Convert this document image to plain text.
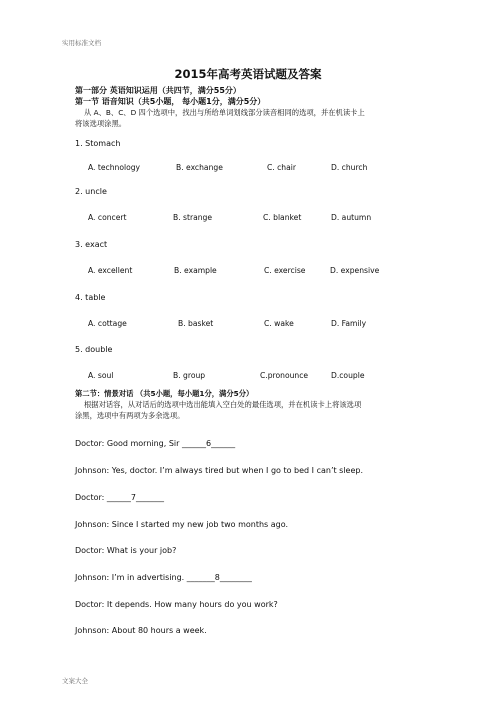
实用标准文档
2015年高考英语试题及答案
第一部分 英语知识运用（共四节，满分55分）
第一节 语音知识（共5小题， 每小题1分，满分5分）
从 A、B、C、D 四个选项中，找出与所给单词划线部分读音相同的选项，并在机读卡上
将该选项涂黑。
1. Stomach
A. technology	B. exchange	C. chair	D. church
2. uncle
A. concert	B. strange	C. blanket	D. autumn
3. exact
A. excellent	B. example	C. exercise	D. expensive
4. table
A. cottage	B. basket	C. wake	D. Family
5. double
A. soul	B. group	C.pronounce	D.couple
第二节：情景对话 （共5小题，每小题1分，满分5分）
根据对话容，从对话后的选项中选出能填入空白处的最佳选项，并在机读卡上将该选项
涂黑，选项中有两项为多余选项。
Doctor: Good morning, Sir ______6______
Johnson: Yes, doctor. I’m always tired but when I go to bed I can’t sleep.
Doctor: ______7_______
Johnson: Since I started my new job two months ago.
Doctor: What is your job?
Johnson: I’m in advertising. _______8________
Doctor: It depends. How many hours do you work?
Johnson: About 80 hours a week.
文案大全
